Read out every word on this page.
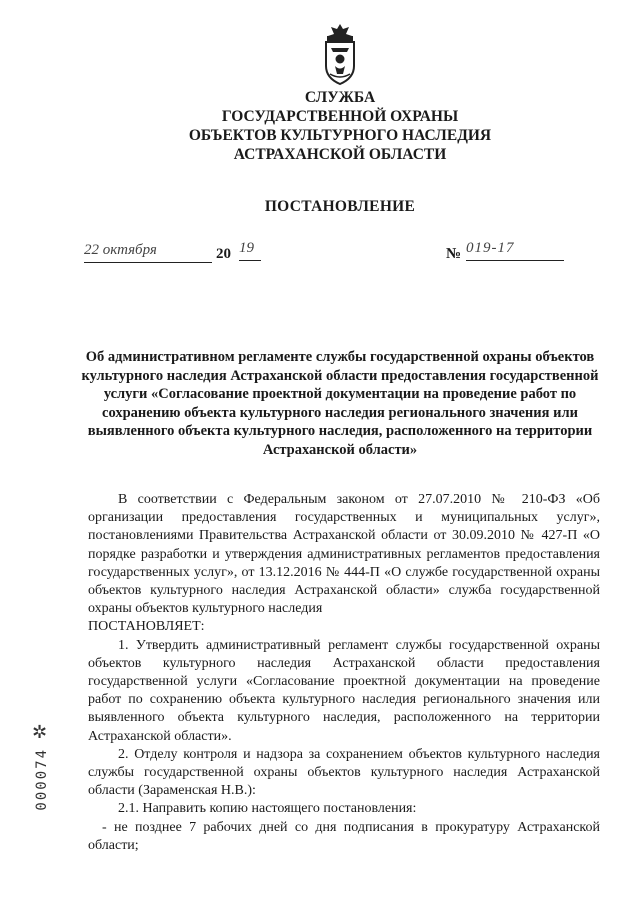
СЛУЖБА
ГОСУДАРСТВЕННОЙ ОХРАНЫ
ОБЪЕКТОВ КУЛЬТУРНОГО НАСЛЕДИЯ
АСТРАХАНСКОЙ ОБЛАСТИ
ПОСТАНОВЛЕНИЕ
22 октября	20 19	№ 019-17
Об административном регламенте службы государственной охраны объектов культурного наследия Астраханской области предоставления государственной услуги «Согласование проектной документации на проведение работ по сохранению объекта культурного наследия регионального значения или выявленного объекта культурного наследия, расположенного на территории Астраханской области»

В соответствии с Федеральным законом от 27.07.2010 № 210-ФЗ «Об организации предоставления государственных и муниципальных услуг», постановлениями Правительства Астраханской области от 30.09.2010 № 427-П «О порядке разработки и утверждения административных регламентов предоставления государственных услуг», от 13.12.2016 № 444-П «О службе государственной охраны объектов культурного наследия Астраханской области» служба государственной охраны объектов культурного наследия

ПОСТАНОВЛЯЕТ:

1. Утвердить административный регламент службы государственной охраны объектов культурного наследия Астраханской области предоставления государственной услуги «Согласование проектной документации на проведение работ по сохранению объекта культурного наследия регионального значения или выявленного объекта культурного наследия, расположенного на территории Астраханской области».

2. Отделу контроля и надзора за сохранением объектов культурного наследия службы государственной охраны объектов культурного наследия Астраханской области (Зараменская Н.В.):

2.1. Направить копию настоящего постановления:

- не позднее 7 рабочих дней со дня подписания в прокуратуру Астраханской области;

✲
000074
